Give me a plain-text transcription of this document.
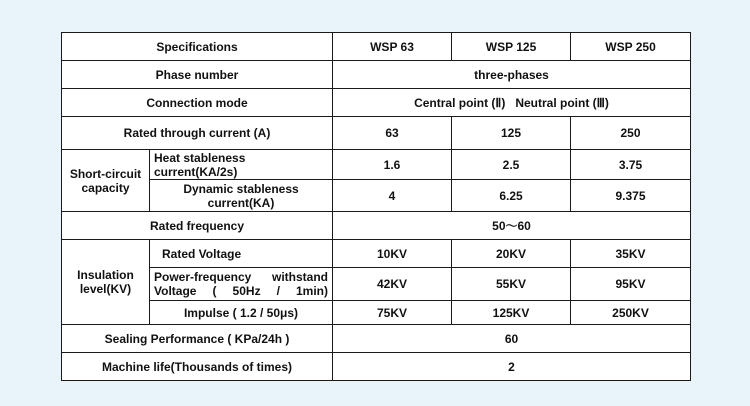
Specifications		WSP 63	WSP 125	WSP 250
Phase number		three-phases		
Connection mode		Central point (Ⅱ)   Neutral point (Ⅲ)		
Rated through current (A)		63	125	250
Short-circuit capacity	Heat stableness current(KA/2s)	1.6	2.5	3.75
	Dynamic stableness current(KA)	4	6.25	9.375
Rated frequency		50～60		
Insulation level(KV)	Rated Voltage	10KV	20KV	35KV
	Power-frequency withstand Voltage ( 50Hz / 1min)	42KV	55KV	95KV
	Impulse ( 1.2 / 50μs)	75KV	125KV	250KV
Sealing Performance ( KPa/24h )		60		
Machine life(Thousands of times)		2		
